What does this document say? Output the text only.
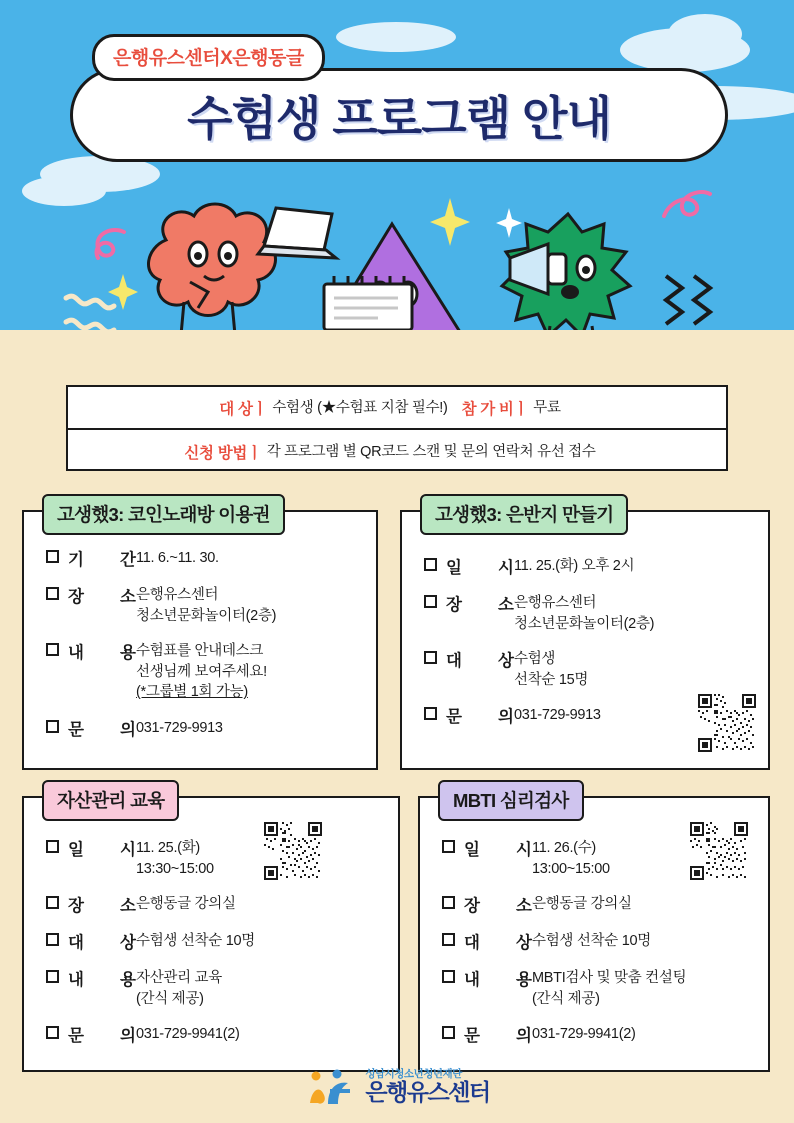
은행유스센터X은행동글
수험생 프로그램 안내
대 상ㅣ 수험생 (★수험표 지참 필수!) 참 가 비ㅣ 무료
신청 방법ㅣ 각 프로그램 별 QR코드 스캔 및 문의 연락처 유선 접수
고생했3: 코인노래방 이용권
기 간 11. 6.~11. 30.
장 소 은행유스센터
청소년문화놀이터(2층)
내 용 수험표를 안내데스크
선생님께 보여주세요!
(*그룹별 1회 가능)
문 의 031-729-9913
고생했3: 은반지 만들기
일 시 11. 25.(화) 오후 2시
장 소 은행유스센터
청소년문화놀이터(2층)
대 상 수험생
선착순 15명
문 의 031-729-9913
자산관리 교육
일 시 11. 25.(화)
13:30~15:00
장 소 은행동글 강의실
대 상 수험생 선착순 10명
내 용 자산관리 교육
(간식 제공)
문 의 031-729-9941(2)
MBTI 심리검사
일 시 11. 26.(수)
13:00~15:00
장 소 은행동글 강의실
대 상 수험생 선착순 10명
내 용 MBTI검사 및 맞춤 컨설팅
(간식 제공)
문 의 031-729-9941(2)
성남시청소년청년재단
은행유스센터
